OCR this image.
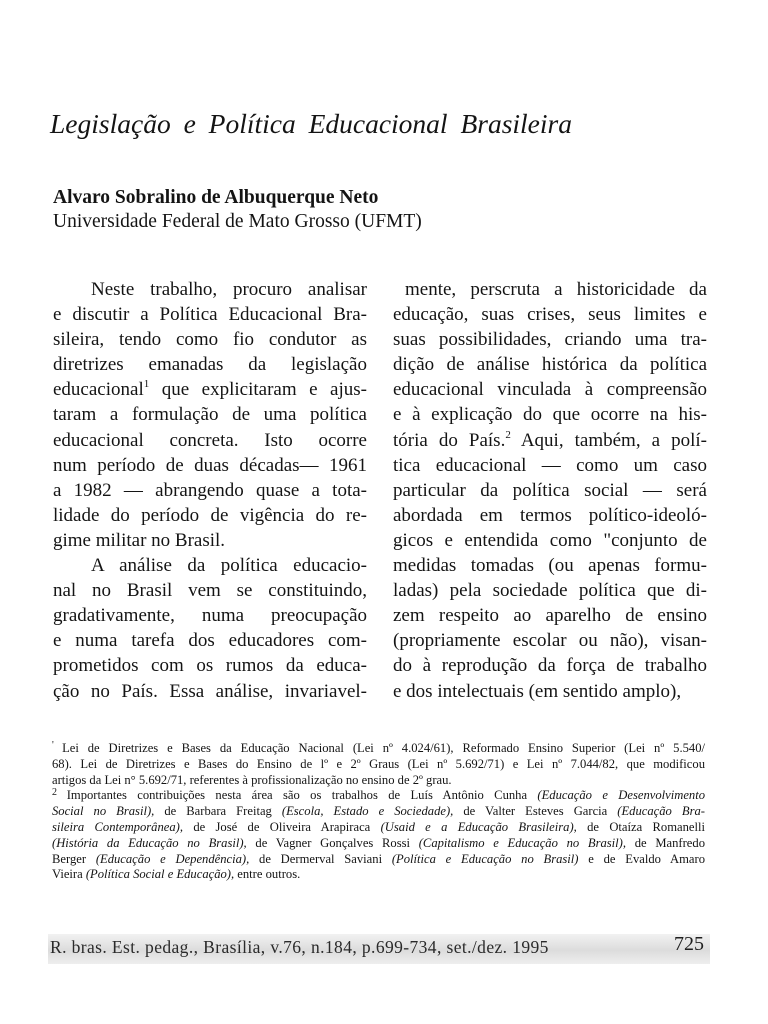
Legislação e Política Educacional Brasileira
Alvaro Sobralino de Albuquerque Neto
Universidade Federal de Mato Grosso (UFMT)
Neste trabalho, procuro analisar
e discutir a Política Educacional Bra-
sileira, tendo como fio condutor as
diretrizes emanadas da legislação
educacional$^1$ que explicitaram e ajus-
taram a formulação de uma política
educacional concreta. Isto ocorre
num período de duas décadas— 1961
a 1982 — abrangendo quase a tota-
lidade do período de vigência do re-
gime militar no Brasil.
A análise da política educacio-
nal no Brasil vem se constituindo,
gradativamente, numa preocupação
e numa tarefa dos educadores com-
prometidos com os rumos da educa-
ção no País. Essa análise, invariavel-
mente, perscruta a historicidade da
educação, suas crises, seus limites e
suas possibilidades, criando uma tra-
dição de análise histórica da política
educacional vinculada à compreensão
e à explicação do que ocorre na his-
tória do País.$^2$ Aqui, também, a polí-
tica educacional — como um caso
particular da política social — será
abordada em termos político-ideoló-
gicos e entendida como "conjunto de
medidas tomadas (ou apenas formu-
ladas) pela sociedade política que di-
zem respeito ao aparelho de ensino
(propriamente escolar ou não), visan-
do à reprodução da força de trabalho
e dos intelectuais (em sentido amplo),
' Lei de Diretrizes e Bases da Educação Nacional (Lei nº 4.024/61), Reformado Ensino Superior (Lei nº 5.540/
68). Lei de Diretrizes e Bases do Ensino de lº e 2º Graus (Lei nº 5.692/71) e Lei nº 7.044/82, que modificou
artigos da Lei n° 5.692/71, referentes à profissionalização no ensino de 2º grau.
$^2$ Importantes contribuições nesta área são os trabalhos de Luís Antônio Cunha (Educação e Desenvolvimento
Social no Brasil), de Barbara Freitag (Escola, Estado e Sociedade), de Valter Esteves Garcia (Educação Bra-
sileira Contemporânea), de José de Oliveira Arapiraca (Usaid e a Educação Brasileira), de Otaíza Romanelli
(História da Educação no Brasil), de Vagner Gonçalves Rossi (Capitalismo e Educação no Brasil), de Manfredo
Berger (Educação e Dependência), de Dermerval Saviani (Política e Educação no Brasil) e de Evaldo Amaro
Vieira (Política Social e Educação), entre outros.
R. bras. Est. pedag., Brasília, v.76, n.184, p.699-734, set./dez. 1995	725
